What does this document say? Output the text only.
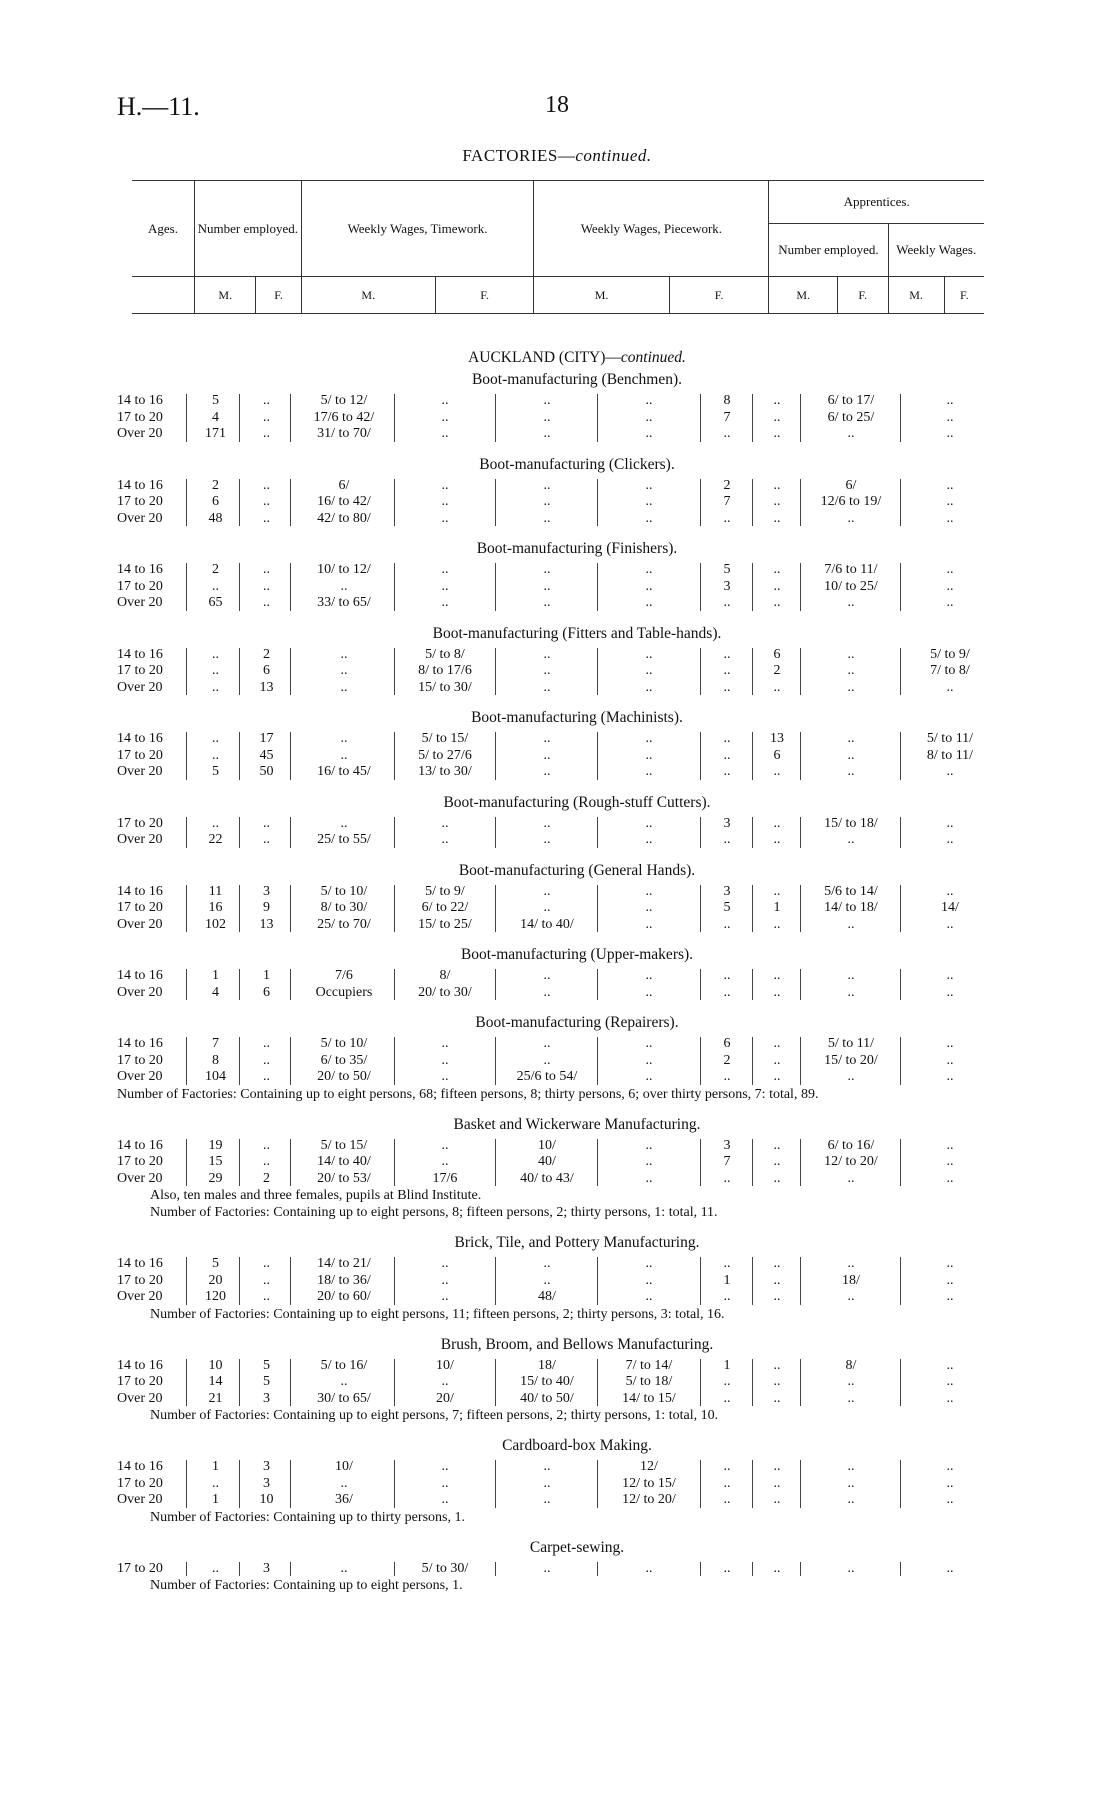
H.—11.	18
FACTORIES—continued.
Ages.	Number employed.		Weekly Wages, Timework.		Weekly Wages, Piecework.		Apprentices.			
							Number employed.		Weekly Wages.	
	M.	F.	M.	F.	M.	F.	M.	F.	M.	F.
AUCKLAND (CITY)—continued.
Boot-manufacturing (Benchmen).
14 to 16	5	..	5/ to 12/	..	..	..	8	..	6/ to 17/	..
17 to 20	4	..	17/6 to 42/	..	..	..	7	..	6/ to 25/	..
Over 20	171	..	31/ to 70/	..	..	..	..	..	..	..
Boot-manufacturing (Clickers).
14 to 16	2	..	6/	..	..	..	2	..	6/	..
17 to 20	6	..	16/ to 42/	..	..	..	7	..	12/6 to 19/	..
Over 20	48	..	42/ to 80/	..	..	..	..	..	..	..
Boot-manufacturing (Finishers).
14 to 16	2	..	10/ to 12/	..	..	..	5	..	7/6 to 11/	..
17 to 20	..	..	..	..	..	..	3	..	10/ to 25/	..
Over 20	65	..	33/ to 65/	..	..	..	..	..	..	..
Boot-manufacturing (Fitters and Table-hands).
14 to 16	..	2	..	5/ to 8/	..	..	..	6	..	5/ to 9/
17 to 20	..	6	..	8/ to 17/6	..	..	..	2	..	7/ to 8/
Over 20	..	13	..	15/ to 30/	..	..	..	..	..	..
Boot-manufacturing (Machinists).
14 to 16	..	17	..	5/ to 15/	..	..	..	13	..	5/ to 11/
17 to 20	..	45	..	5/ to 27/6	..	..	..	6	..	8/ to 11/
Over 20	5	50	16/ to 45/	13/ to 30/	..	..	..	..	..	..
Boot-manufacturing (Rough-stuff Cutters).
17 to 20	..	..	..	..	..	..	3	..	15/ to 18/	..
Over 20	22	..	25/ to 55/	..	..	..	..	..	..	..
Boot-manufacturing (General Hands).
14 to 16	11	3	5/ to 10/	5/ to 9/	..	..	3	..	5/6 to 14/	..
17 to 20	16	9	8/ to 30/	6/ to 22/	..	..	5	1	14/ to 18/	14/
Over 20	102	13	25/ to 70/	15/ to 25/	14/ to 40/	..	..	..	..	..
Boot-manufacturing (Upper-makers).
14 to 16	1	1	7/6	8/	..	..	..	..	..	..
Over 20	4	6	Occupiers	20/ to 30/	..	..	..	..	..	..
Boot-manufacturing (Repairers).
14 to 16	7	..	5/ to 10/	..	..	..	6	..	5/ to 11/	..
17 to 20	8	..	6/ to 35/	..	..	..	2	..	15/ to 20/	..
Over 20	104	..	20/ to 50/	..	25/6 to 54/	..	..	..	..	..
Number of Factories: Containing up to eight persons, 68; fifteen persons, 8; thirty persons, 6; over thirty persons, 7: total, 89.
Basket and Wickerware Manufacturing.
14 to 16	19	..	5/ to 15/	..	10/	..	3	..	6/ to 16/	..
17 to 20	15	..	14/ to 40/	..	40/	..	7	..	12/ to 20/	..
Over 20	29	2	20/ to 53/	17/6	40/ to 43/	..	..	..	..	..
Also, ten males and three females, pupils at Blind Institute.
Number of Factories: Containing up to eight persons, 8; fifteen persons, 2; thirty persons, 1: total, 11.
Brick, Tile, and Pottery Manufacturing.
14 to 16	5	..	14/ to 21/	..	..	..	..	..	..	..
17 to 20	20	..	18/ to 36/	..	..	..	1	..	18/	..
Over 20	120	..	20/ to 60/	..	48/	..	..	..	..	..
Number of Factories: Containing up to eight persons, 11; fifteen persons, 2; thirty persons, 3: total, 16.
Brush, Broom, and Bellows Manufacturing.
14 to 16	10	5	5/ to 16/	10/	18/	7/ to 14/	1	..	8/	..
17 to 20	14	5	..	..	15/ to 40/	5/ to 18/	..	..	..	..
Over 20	21	3	30/ to 65/	20/	40/ to 50/	14/ to 15/	..	..	..	..
Number of Factories: Containing up to eight persons, 7; fifteen persons, 2; thirty persons, 1: total, 10.
Cardboard-box Making.
14 to 16	1	3	10/	..	..	12/	..	..	..	..
17 to 20	..	3	..	..	..	12/ to 15/	..	..	..	..
Over 20	1	10	36/	..	..	12/ to 20/	..	..	..	..
Number of Factories: Containing up to thirty persons, 1.
Carpet-sewing.
17 to 20	..	3	..	5/ to 30/	..	..	..	..	..	..
Number of Factories: Containing up to eight persons, 1.
